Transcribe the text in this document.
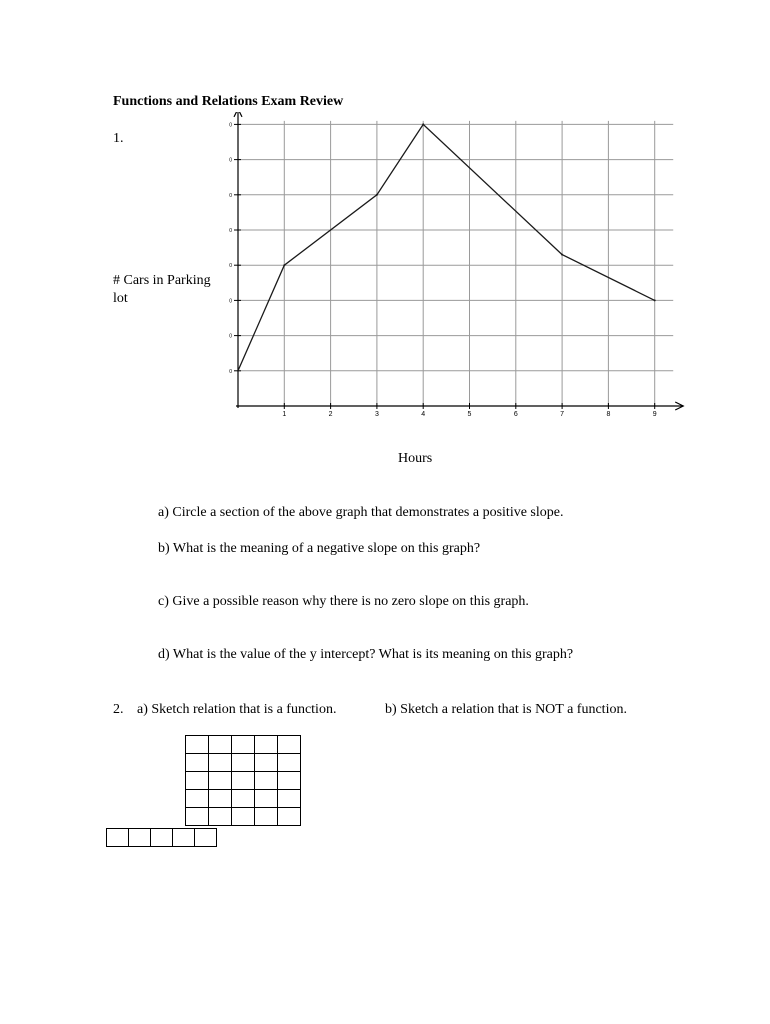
Functions and Relations Exam Review
1.
# Cars in Parking lot
1	2	3	4	5	6	7	8	9
0
0
0
0
0
0
0
0
Hours
a) Circle a section of the above graph that demonstrates a positive slope.
b) What is the meaning of a negative slope on this graph?
c) Give a possible reason why there is no zero slope on this graph.
d) What is the value of the y intercept? What is its meaning on this graph?
2. a) Sketch relation that is a function.	b) Sketch a relation that is NOT a function.
